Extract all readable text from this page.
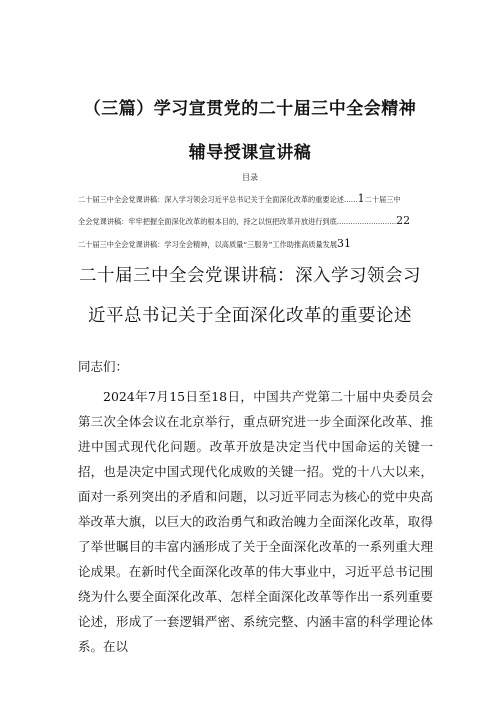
（三篇）学习宣贯党的二十届三中全会精神
辅导授课宣讲稿
目录
二十届三中全会党课讲稿：深入学习领会习近平总书记关于全面深化改革的重要论述......1二十届三中
全会党课讲稿：牢牢把握全面深化改革的根本目的，持之以恒把改革开放进行到底..........................22
二十届三中全会党课讲稿：学习全会精神，以高质量“三服务”工作助推高质量发展31
二十届三中全会党课讲稿：深入学习领会习
近平总书记关于全面深化改革的重要论述
同志们：

2024年7月15日至18日，中国共产党第二十届中央委员会第三次全体会议在北京举行，重点研究进一步全面深化改革、推进中国式现代化问题。改革开放是决定当代中国命运的关键一招，也是决定中国式现代化成败的关键一招。党的十八大以来，面对一系列突出的矛盾和问题，以习近平同志为核心的党中央高举改革大旗，以巨大的政治勇气和政治魄力全面深化改革，取得了举世瞩目的丰富内涵形成了关于全面深化改革的一系列重大理论成果。在新时代全面深化改革的伟大事业中，习近平总书记围绕为什么要全面深化改革、怎样全面深化改革等作出一系列重要论述，形成了一套逻辑严密、系统完整、内涵丰富的科学理论体系。在以
